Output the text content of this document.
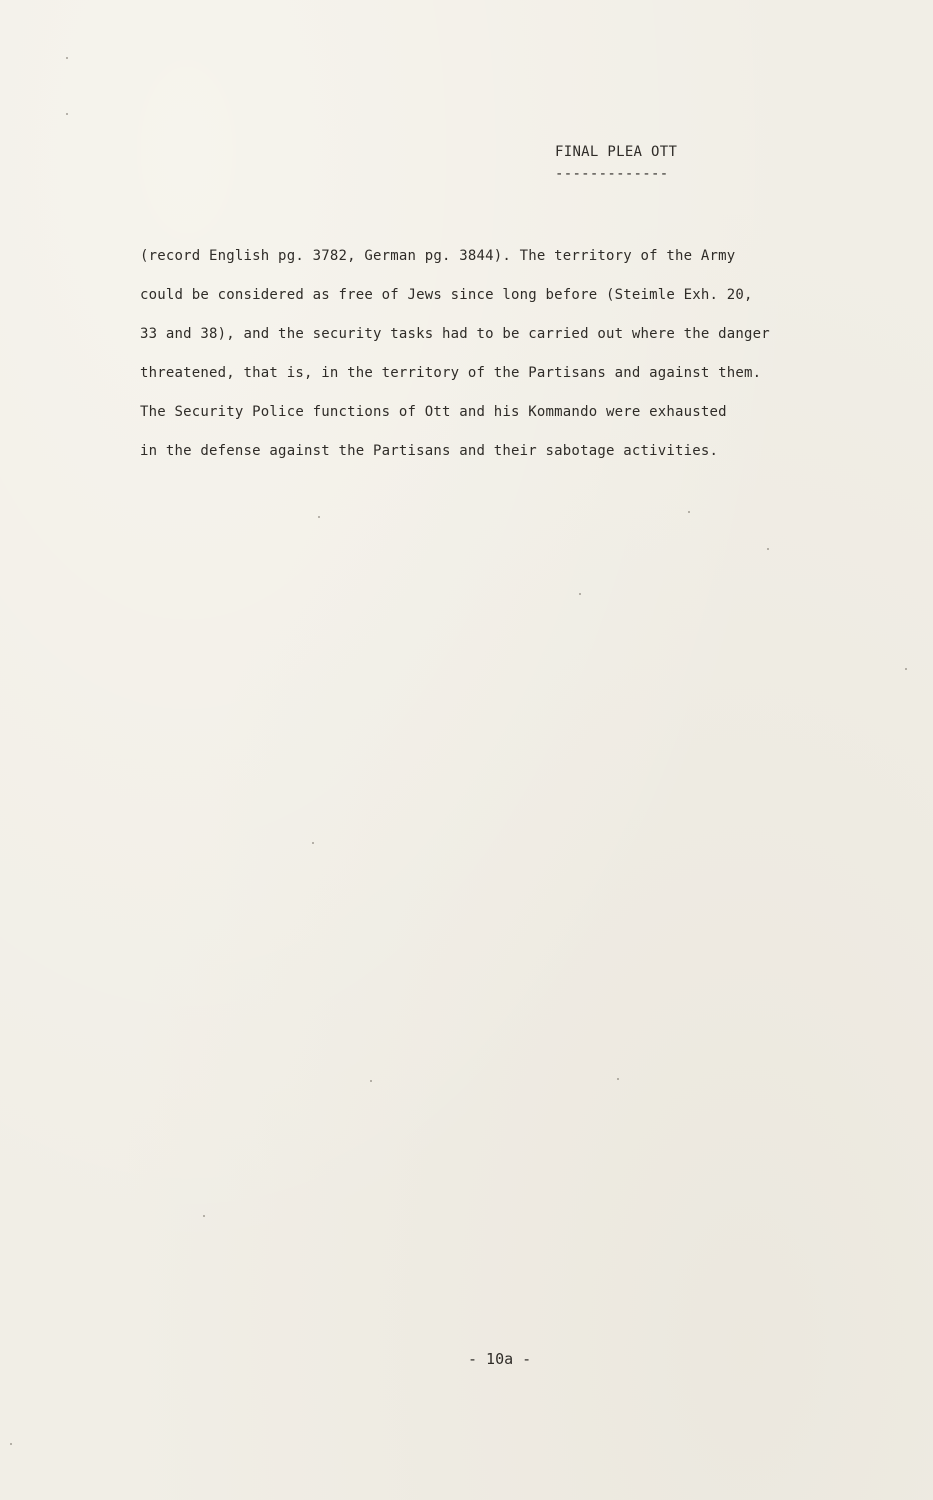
FINAL PLEA OTT
-------------
(record English pg. 3782, German pg. 3844). The territory of the Army
could be considered as free of Jews since long before (Steimle Exh. 20,
33 and 38), and the security tasks had to be carried out where the danger
threatened, that is, in the territory of the Partisans and against them.
The Security Police functions of Ott and his Kommando were exhausted
in the defense against the Partisans and their sabotage activities.
- 10a -
